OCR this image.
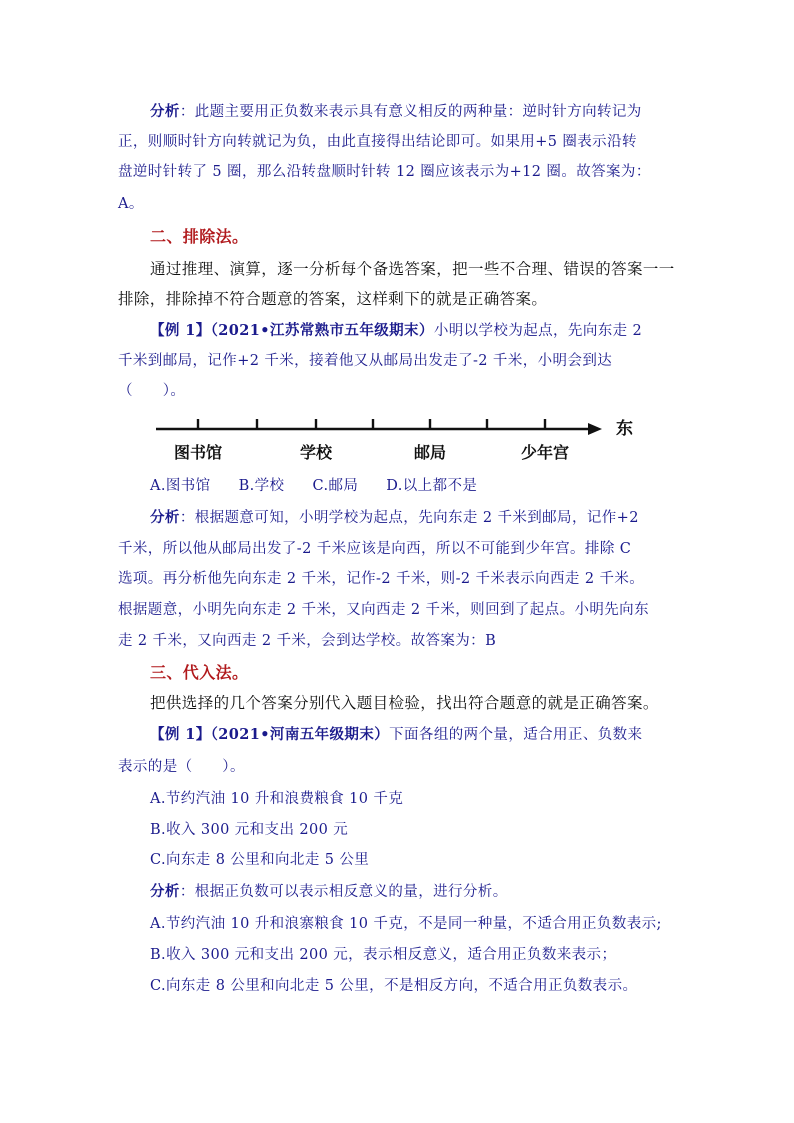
分析：此题主要用正负数来表示具有意义相反的两种量：逆时针方向转记为

正，则顺时针方向转就记为负，由此直接得出结论即可。如果用+5 圈表示沿转

盘逆时针转了 5 圈，那么沿转盘顺时针转 12 圈应该表示为+12 圈。故答案为：

A。

二、排除法。

通过推理、演算，逐一分析每个备选答案，把一些不合理、错误的答案一一

排除，排除掉不符合题意的答案，这样剩下的就是正确答案。

【例 1】（2021•江苏常熟市五年级期末）小明以学校为起点，先向东走 2

千米到邮局，记作+2 千米，接着他又从邮局出发走了-2 千米，小明会到达

（　　）。

东
图书馆	学校	邮局	少年宫

A.图书馆 B.学校 C.邮局 D.以上都不是

分析：根据题意可知，小明学校为起点，先向东走 2 千米到邮局，记作+2

千米，所以他从邮局出发了-2 千米应该是向西，所以不可能到少年宫。排除 C

选项。再分析他先向东走 2 千米，记作-2 千米，则-2 千米表示向西走 2 千米。

根据题意，小明先向东走 2 千米，又向西走 2 千米，则回到了起点。小明先向东

走 2 千米，又向西走 2 千米，会到达学校。故答案为：B

三、代入法。

把供选择的几个答案分别代入题目检验，找出符合题意的就是正确答案。

【例 1】（2021•河南五年级期末）下面各组的两个量，适合用正、负数来

表示的是（　　）。

A.节约汽油 10 升和浪费粮食 10 千克

B.收入 300 元和支出 200 元

C.向东走 8 公里和向北走 5 公里

分析：根据正负数可以表示相反意义的量，进行分析。

A.节约汽油 10 升和浪寨粮食 10 千克，不是同一种量，不适合用正负数表示;

B.收入 300 元和支出 200 元，表示相反意义，适合用正负数来表示；

C.向东走 8 公里和向北走 5 公里，不是相反方向，不适合用正负数表示。
